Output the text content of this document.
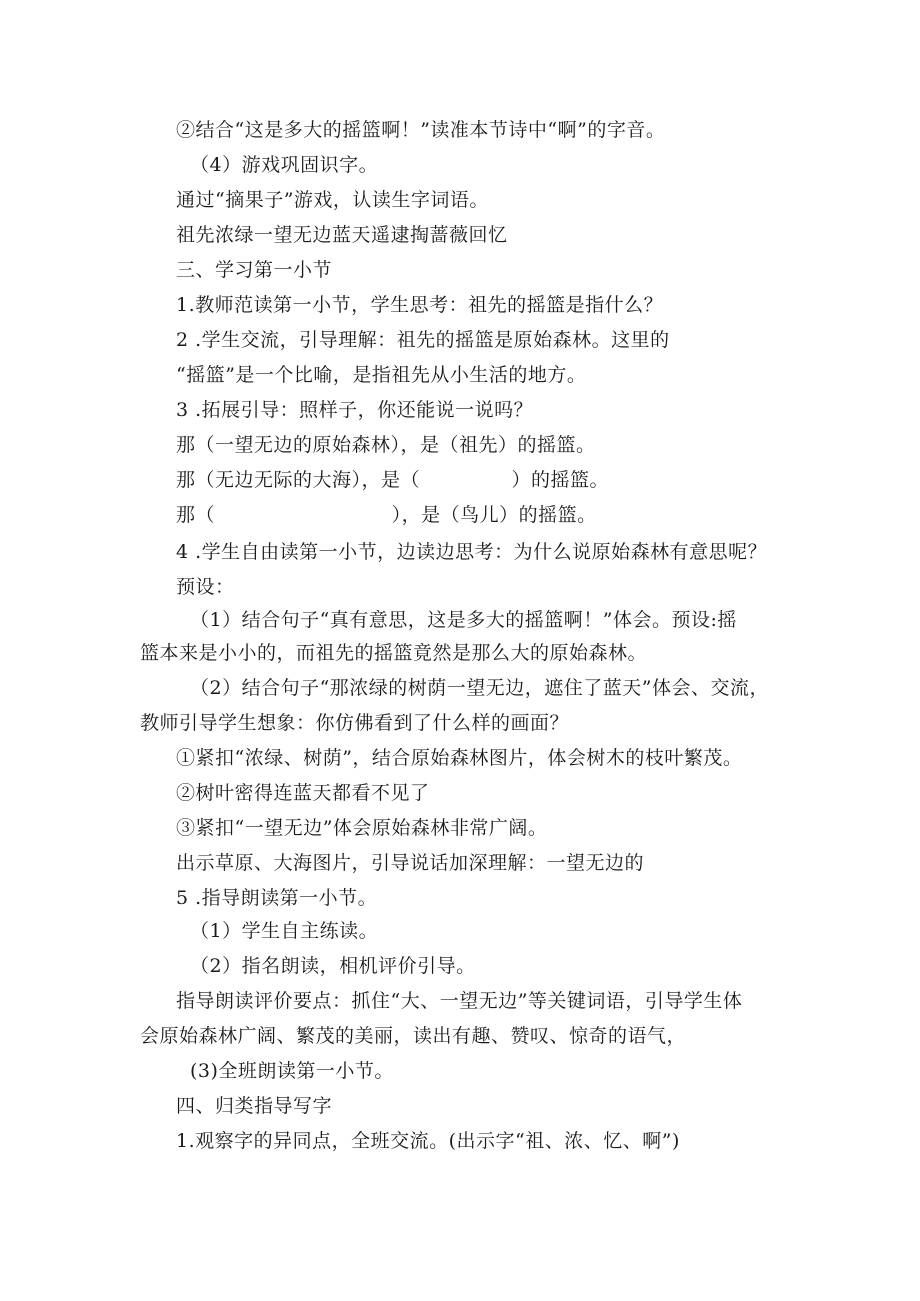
②结合“这是多大的摇篮啊！”读准本节诗中“啊”的字音。

（4）游戏巩固识字。

通过“摘果子”游戏，认读生字词语。

祖先浓绿一望无边蓝天遥逮掏蔷薇回忆

三、学习第一小节

1.教师范读第一小节，学生思考：祖先的摇篮是指什么？

2 .学生交流，引导理解：祖先的摇篮是原始森林。这里的

“摇篮”是一个比喻，是指祖先从小生活的地方。

3 .拓展引导：照样子，你还能说一说吗？

那（一望无边的原始森林），是（祖先）的摇篮。

那（无边无际的大海），是（              ）的摇篮。

那（                           ），是（鸟儿）的摇篮。

4 .学生自由读第一小节，边读边思考：为什么说原始森林有意思呢？

预设：

（1）结合句子“真有意思，这是多大的摇篮啊！”体会。预设:摇

篮本来是小小的，而祖先的摇篮竟然是那么大的原始森林。

（2）结合句子“那浓绿的树荫一望无边，遮住了蓝天”体会、交流，

教师引导学生想象：你仿佛看到了什么样的画面？

①紧扣“浓绿、树荫”，结合原始森林图片，体会树木的枝叶繁茂。

②树叶密得连蓝天都看不见了

③紧扣“一望无边”体会原始森林非常广阔。

出示草原、大海图片，引导说话加深理解：一望无边的

5 .指导朗读第一小节。

（1）学生自主练读。

（2）指名朗读，相机评价引导。

指导朗读评价要点：抓住“大、一望无边”等关键词语，引导学生体

会原始森林广阔、繁茂的美丽，读出有趣、赞叹、惊奇的语气，

(3)全班朗读第一小节。

四、归类指导写字

1.观察字的异同点，全班交流。(出示字“祖、浓、忆、啊”)
